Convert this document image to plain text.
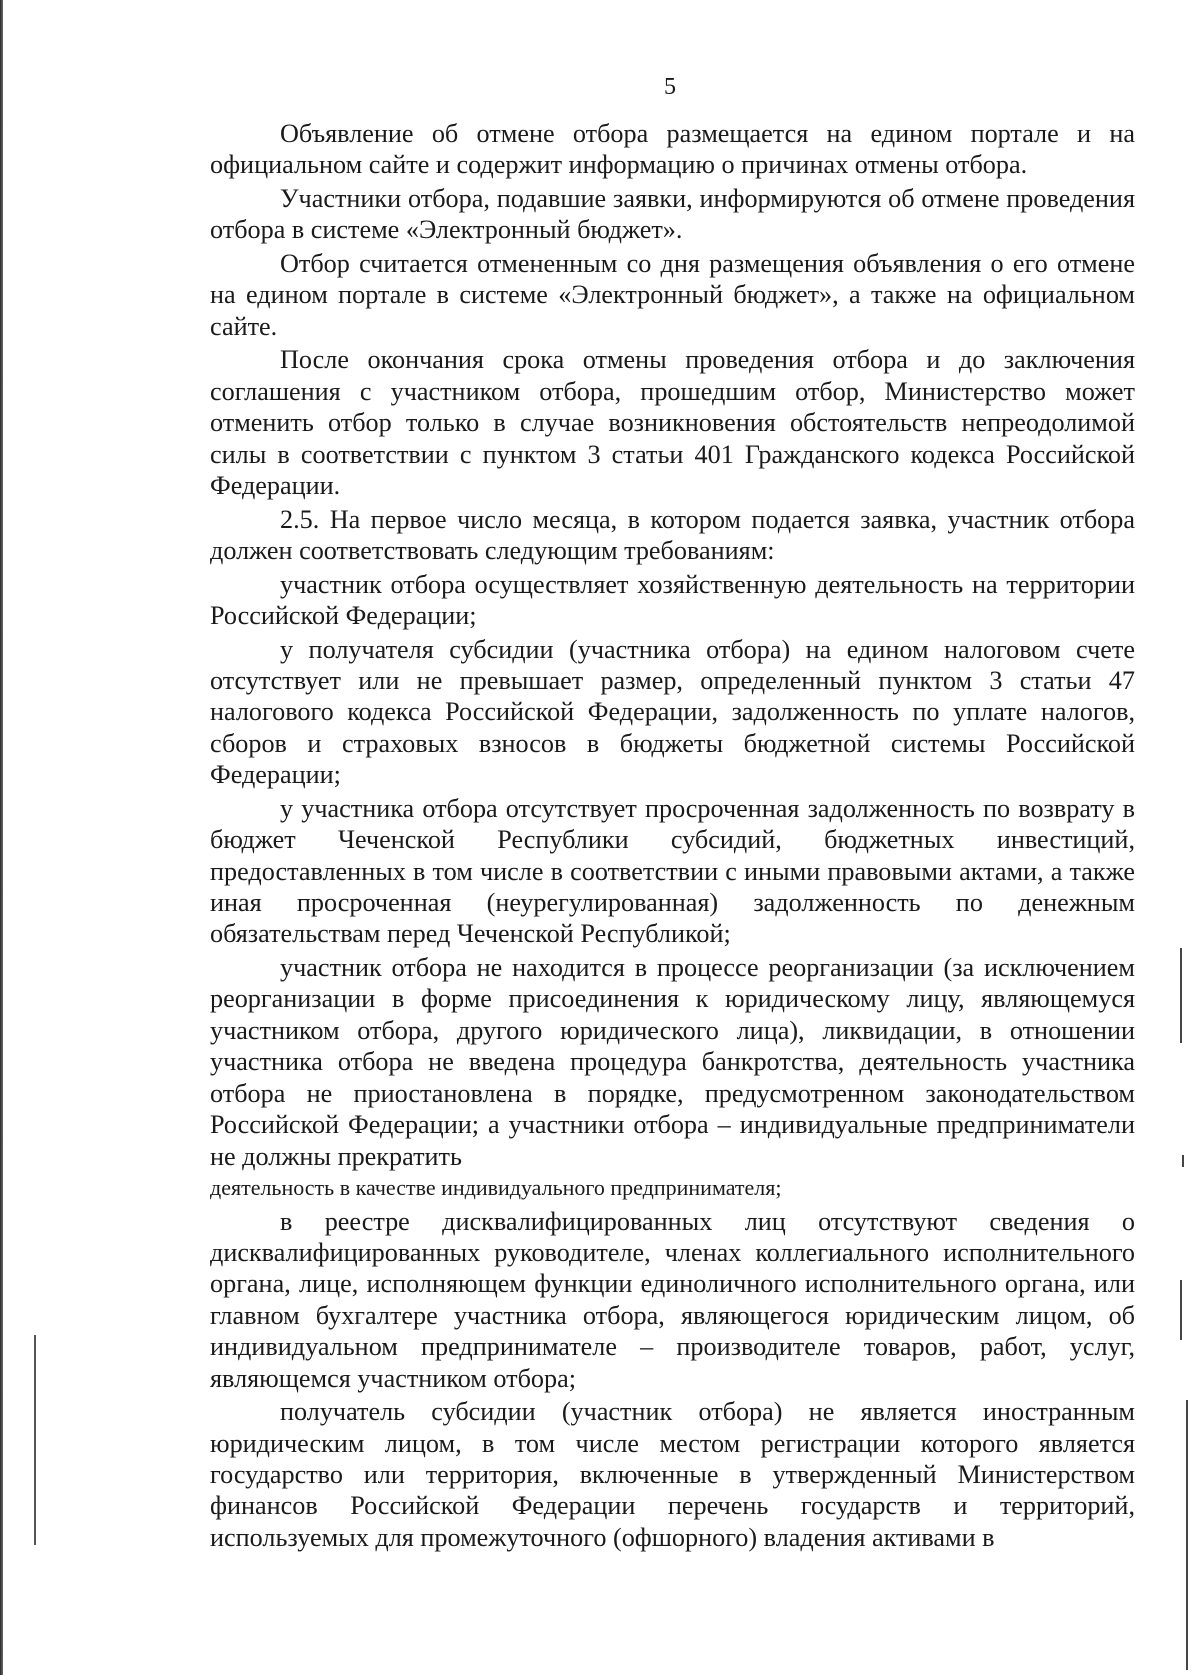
5

Объявление об отмене отбора размещается на едином портале и на официальном сайте и содержит информацию о причинах отмены отбора.

Участники отбора, подавшие заявки, информируются об отмене проведения отбора в системе «Электронный бюджет».

Отбор считается отмененным со дня размещения объявления о его отмене на едином портале в системе «Электронный бюджет», а также на официальном сайте.

После окончания срока отмены проведения отбора и до заключения соглашения с участником отбора, прошедшим отбор, Министерство может отменить отбор только в случае возникновения обстоятельств непреодолимой силы в соответствии с пунктом 3 статьи 401 Гражданского кодекса Российской Федерации.

2.5. На первое число месяца, в котором подается заявка, участник отбора должен соответствовать следующим требованиям:

участник отбора осуществляет хозяйственную деятельность на территории Российской Федерации;

у получателя субсидии (участника отбора) на едином налоговом счете отсутствует или не превышает размер, определенный пунктом 3 статьи 47 налогового кодекса Российской Федерации, задолженность по уплате налогов, сборов и страховых взносов в бюджеты бюджетной системы Российской Федерации;

у участника отбора отсутствует просроченная задолженность по возврату в бюджет Чеченской Республики субсидий, бюджетных инвестиций, предоставленных в том числе в соответствии с иными правовыми актами, а также иная просроченная (неурегулированная) задолженность по денежным обязательствам перед Чеченской Республикой;

участник отбора не находится в процессе реорганизации (за исключением реорганизации в форме присоединения к юридическому лицу, являющемуся участником отбора, другого юридического лица), ликвидации, в отношении участника отбора не введена процедура банкротства, деятельность участника отбора не приостановлена в порядке, предусмотренном законодательством Российской Федерации; а участники отбора – индивидуальные предприниматели не должны прекратить

деятельность в качестве индивидуального предпринимателя;

в реестре дисквалифицированных лиц отсутствуют сведения о дисквалифицированных руководителе, членах коллегиального исполнительного органа, лице, исполняющем функции единоличного исполнительного органа, или главном бухгалтере участника отбора, являющегося юридическим лицом, об индивидуальном предпринимателе – производителе товаров, работ, услуг, являющемся участником отбора;

получатель субсидии (участник отбора) не является иностранным юридическим лицом, в том числе местом регистрации которого является государство или территория, включенные в утвержденный Министерством финансов Российской Федерации перечень государств и территорий, используемых для промежуточного (офшорного) владения активами в
